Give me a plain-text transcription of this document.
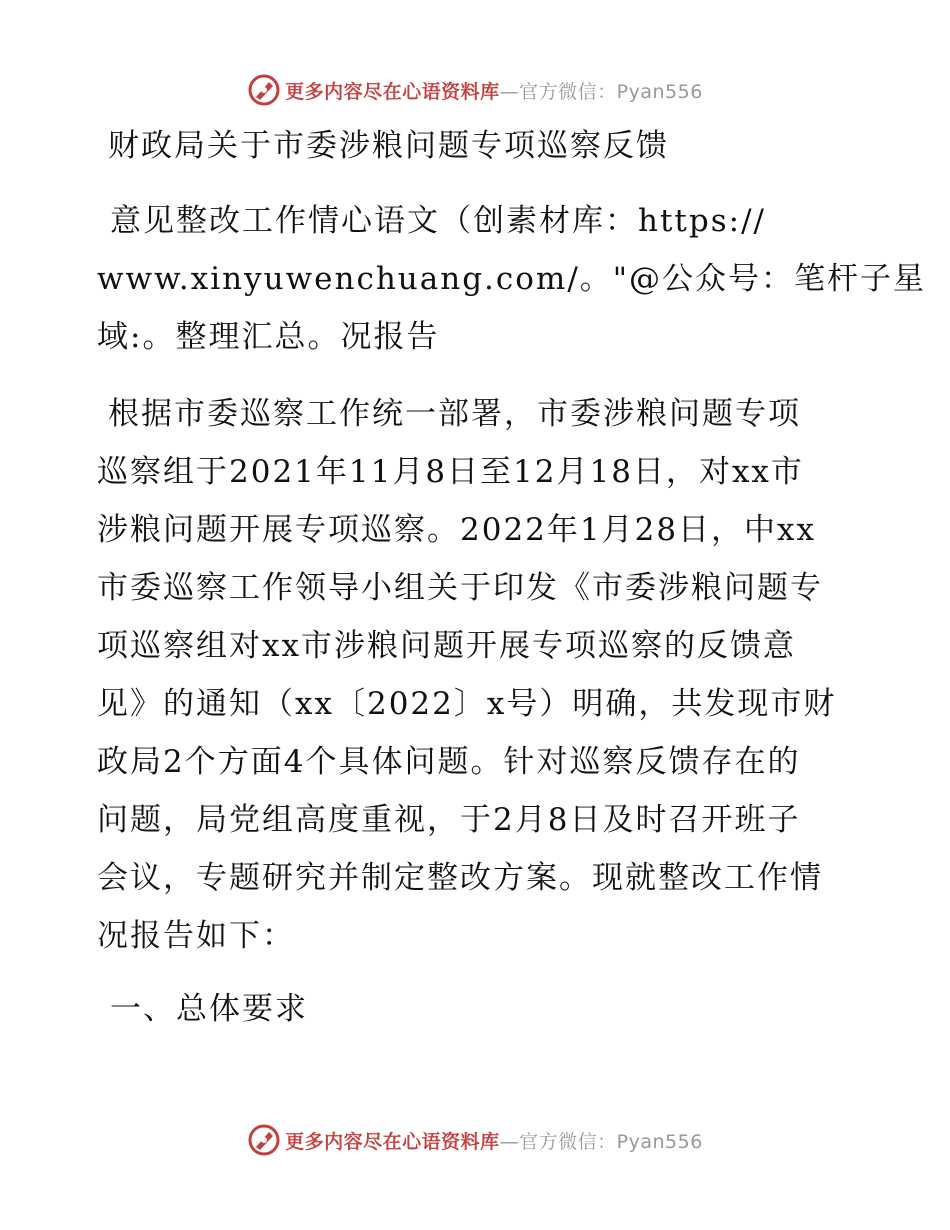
更多内容尽在心语资料库—官方微信：Pyan556
财政局关于市委涉粮问题专项巡察反馈
意见整改工作情心语文（创素材库：https://
www.xinyuwenchuang.com/。"@公众号：笔杆子星
域:。整理汇总。况报告
根据市委巡察工作统一部署，市委涉粮问题专项
巡察组于2021年11月8日至12月18日，对xx市
涉粮问题开展专项巡察。2022年1月28日，中xx
市委巡察工作领导小组关于印发《市委涉粮问题专
项巡察组对xx市涉粮问题开展专项巡察的反馈意
见》的通知（xx〔2022〕x号）明确，共发现市财
政局2个方面4个具体问题。针对巡察反馈存在的
问题，局党组高度重视，于2月8日及时召开班子
会议，专题研究并制定整改方案。现就整改工作情
况报告如下：
一、总体要求
更多内容尽在心语资料库—官方微信：Pyan556
